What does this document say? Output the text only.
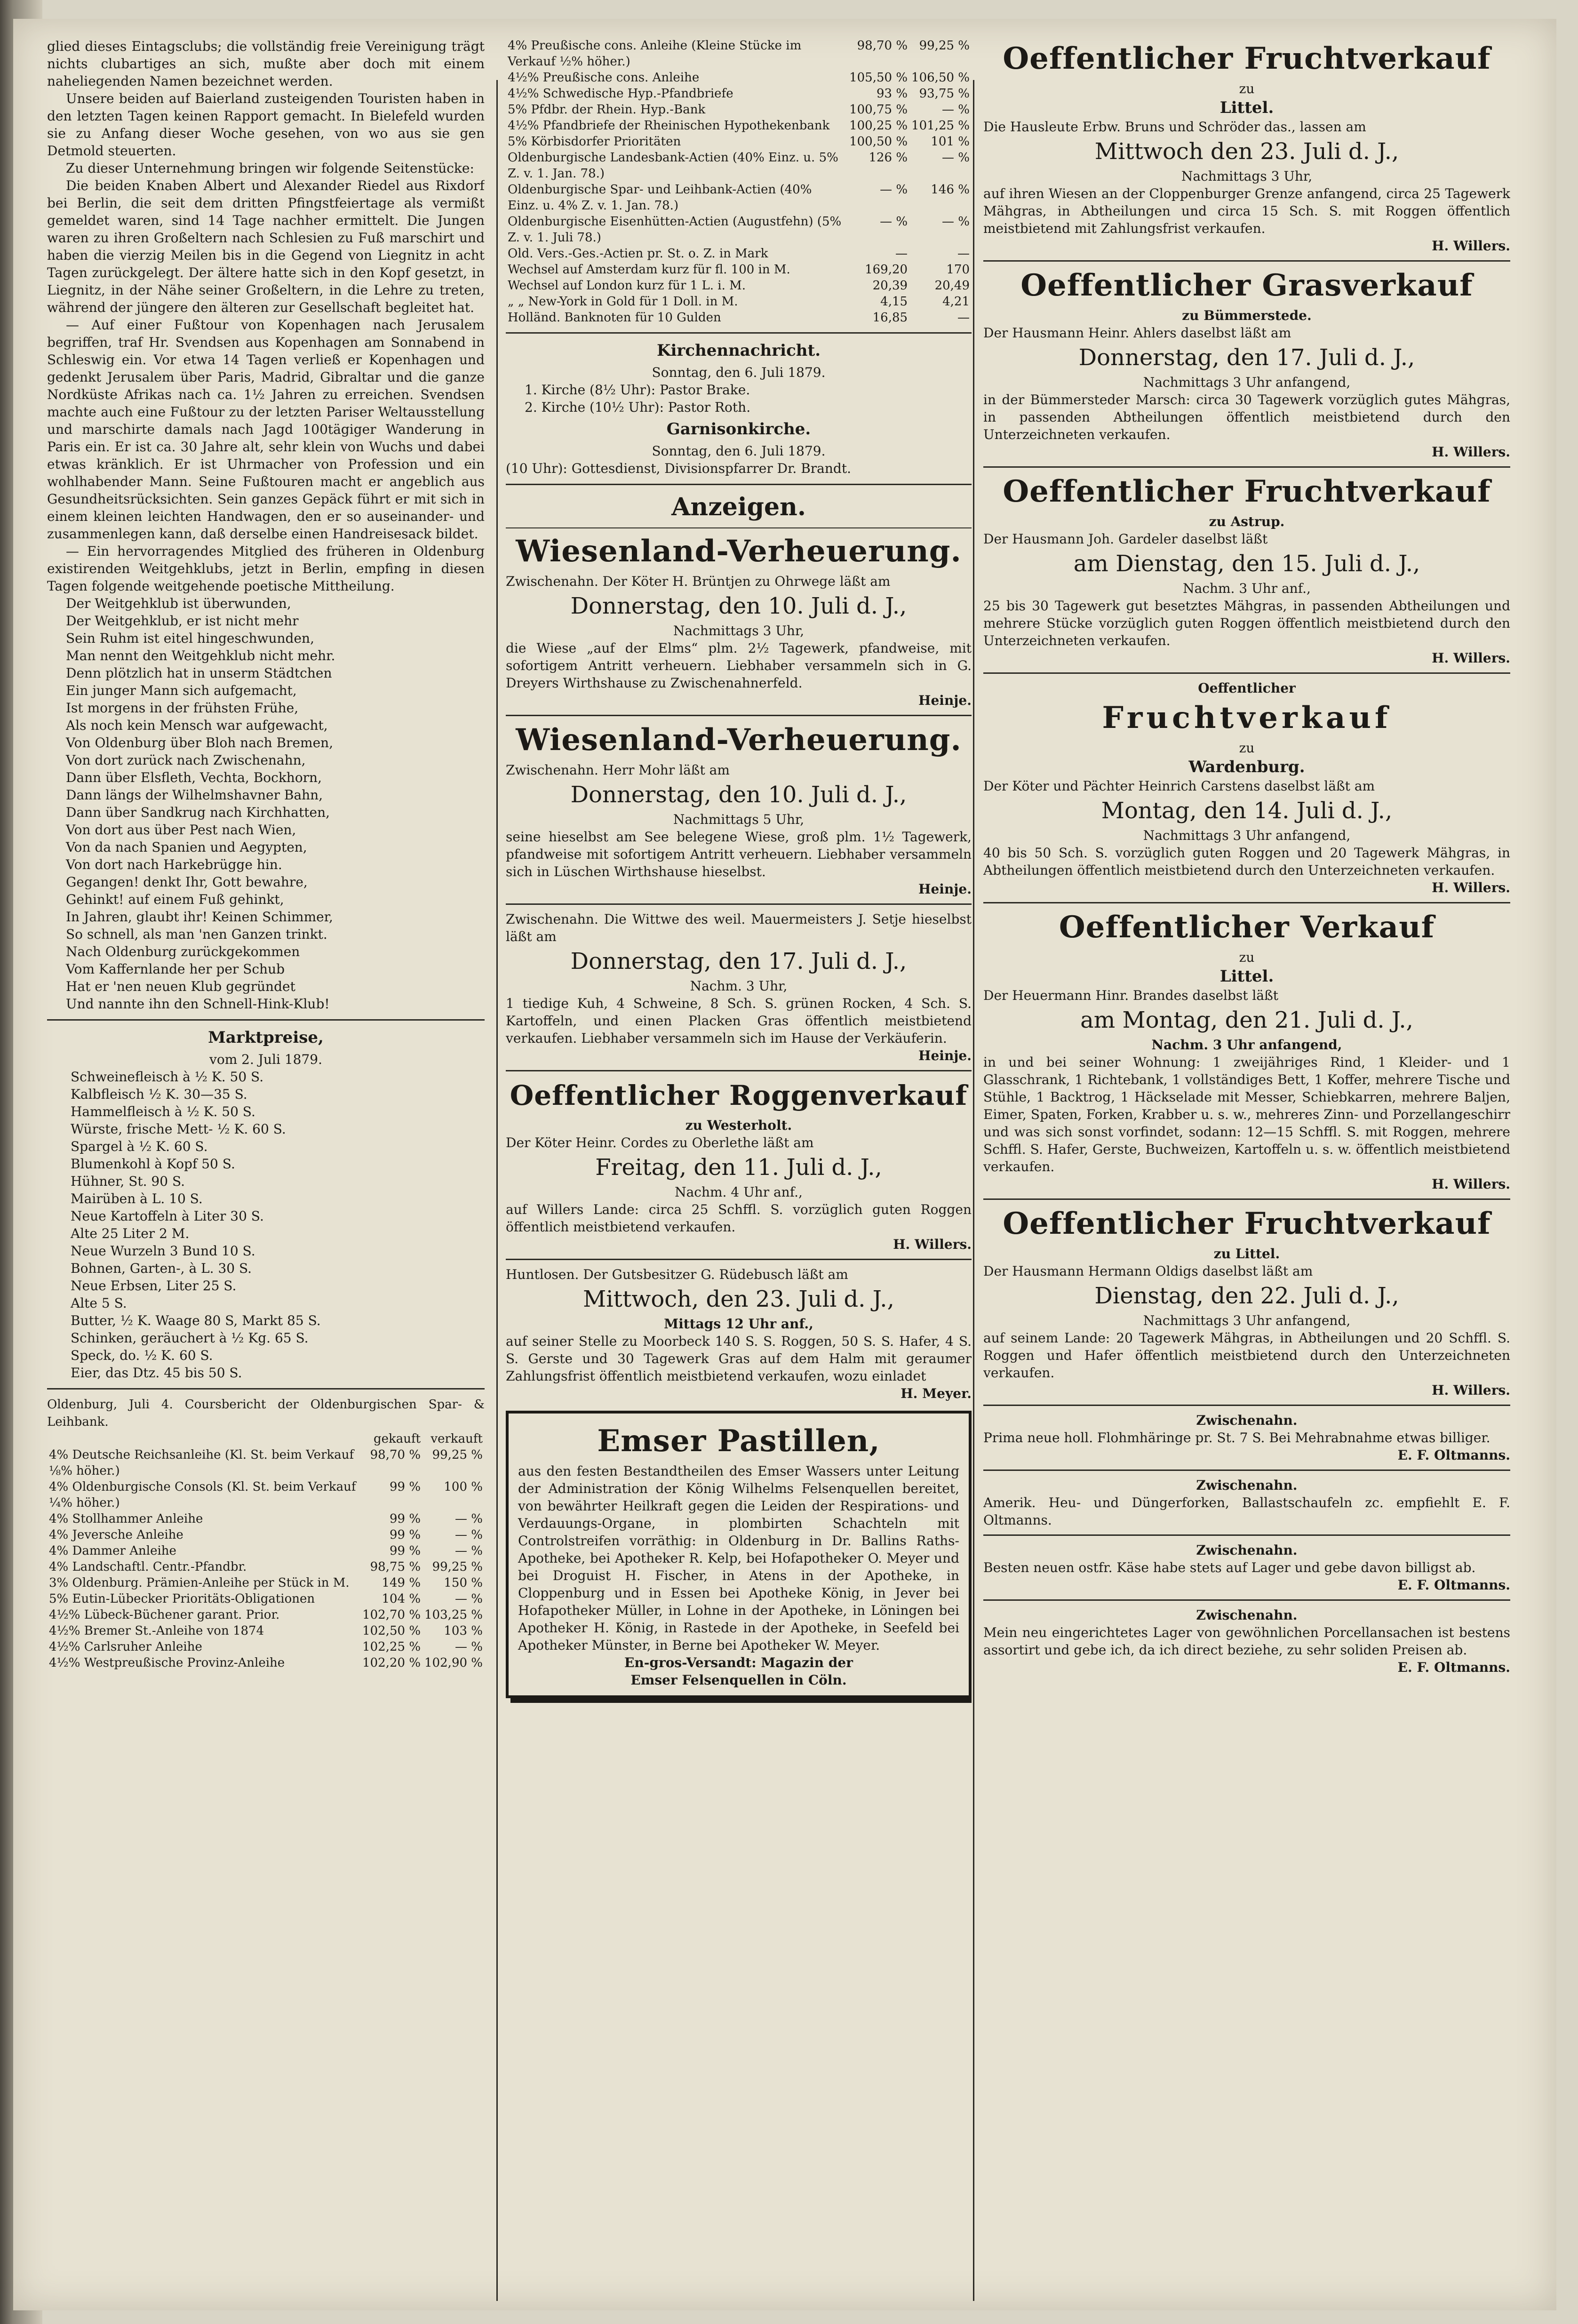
glied dieses Eintagsclubs; die vollständig freie Vereinigung trägt nichts clubartiges an sich, mußte aber doch mit einem naheliegenden Namen bezeichnet werden.

Unsere beiden auf Baierland zusteigenden Touristen haben in den letzten Tagen keinen Rapport gemacht. In Bielefeld wurden sie zu Anfang dieser Woche gesehen, von wo aus sie gen Detmold steuerten.

Zu dieser Unternehmung bringen wir folgende Seitenstücke:

Die beiden Knaben Albert und Alexander Riedel aus Rixdorf bei Berlin, die seit dem dritten Pfingstfeiertage als vermißt gemeldet waren, sind 14 Tage nachher ermittelt. Die Jungen waren zu ihren Großeltern nach Schlesien zu Fuß marschirt und haben die vierzig Meilen bis in die Gegend von Liegnitz in acht Tagen zurückgelegt. Der ältere hatte sich in den Kopf gesetzt, in Liegnitz, in der Nähe seiner Großeltern, in die Lehre zu treten, während der jüngere den älteren zur Gesellschaft begleitet hat.

— Auf einer Fußtour von Kopenhagen nach Jerusalem begriffen, traf Hr. Svendsen aus Kopenhagen am Sonnabend in Schleswig ein. Vor etwa 14 Tagen verließ er Kopenhagen und gedenkt Jerusalem über Paris, Madrid, Gibraltar und die ganze Nordküste Afrikas nach ca. 1½ Jahren zu erreichen. Svendsen machte auch eine Fußtour zu der letzten Pariser Weltausstellung und marschirte damals nach Jagd 100tägiger Wanderung in Paris ein. Er ist ca. 30 Jahre alt, sehr klein von Wuchs und dabei etwas kränklich. Er ist Uhrmacher von Profession und ein wohlhabender Mann. Seine Fußtouren macht er angeblich aus Gesundheitsrücksichten. Sein ganzes Gepäck führt er mit sich in einem kleinen leichten Handwagen, den er so auseinander- und zusammenlegen kann, daß derselbe einen Handreisesack bildet.

— Ein hervorragendes Mitglied des früheren in Oldenburg existirenden Weitgehklubs, jetzt in Berlin, empfing in diesen Tagen folgende weitgehende poetische Mittheilung.

Der Weitgehklub ist überwunden,
Der Weitgehklub, er ist nicht mehr
Sein Ruhm ist eitel hingeschwunden,
Man nennt den Weitgehklub nicht mehr.
Denn plötzlich hat in unserm Städtchen
Ein junger Mann sich aufgemacht,
Ist morgens in der frühsten Frühe,
Als noch kein Mensch war aufgewacht,
Von Oldenburg über Bloh nach Bremen,
Von dort zurück nach Zwischenahn,
Dann über Elsfleth, Vechta, Bockhorn,
Dann längs der Wilhelmshavner Bahn,
Dann über Sandkrug nach Kirchhatten,
Von dort aus über Pest nach Wien,
Von da nach Spanien und Aegypten,
Von dort nach Harkebrügge hin.
Gegangen! denkt Ihr, Gott bewahre,
Gehinkt! auf einem Fuß gehinkt,
In Jahren, glaubt ihr! Keinen Schimmer,
So schnell, als man 'nen Ganzen trinkt.
Nach Oldenburg zurückgekommen
Vom Kaffernlande her per Schub
Hat er 'nen neuen Klub gegründet
Und nannte ihn den Schnell-Hink-Klub!

Marktpreise,

vom 2. Juli 1879.

Schweinefleisch à ½ K. 50 S.
Kalbfleisch ½ K. 30—35 S.
Hammelfleisch à ½ K. 50 S.
Würste, frische Mett- ½ K. 60 S.
Spargel à ½ K. 60 S.
Blumenkohl à Kopf 50 S.
Hühner, St. 90 S.
Mairüben à L. 10 S.
Neue Kartoffeln à Liter 30 S.
Alte 25 Liter 2 M.
Neue Wurzeln 3 Bund 10 S.
Bohnen, Garten-, à L. 30 S.
Neue Erbsen, Liter 25 S.
Alte 5 S.
Butter, ½ K. Waage 80 S, Markt 85 S.
Schinken, geräuchert à ½ Kg. 65 S.
Speck, do. ½ K. 60 S.
Eier, das Dtz. 45 bis 50 S.

Oldenburg, Juli 4. Coursbericht der Oldenburgischen Spar- & Leihbank.

	gekauft	verkauft
4% Deutsche Reichsanleihe (Kl. St. beim Verkauf ⅛% höher.)	98,70 %	99,25 %
4% Oldenburgische Consols (Kl. St. beim Verkauf ¼% höher.)	99 %	100 %
4% Stollhammer Anleihe	99 %	— %
4% Jeversche Anleihe	99 %	— %
4% Dammer Anleihe	99 %	— %
4% Landschaftl. Centr.-Pfandbr.	98,75 %	99,25 %
3% Oldenburg. Prämien-Anleihe per Stück in M.	149 %	150 %
5% Eutin-Lübecker Prioritäts-Obligationen	104 %	— %
4½% Lübeck-Büchener garant. Prior.	102,70 %	103,25 %
4½% Bremer St.-Anleihe von 1874	102,50 %	103 %
4½% Carlsruher Anleihe	102,25 %	— %
4½% Westpreußische Provinz-Anleihe	102,20 %	102,90 %
4% Preußische cons. Anleihe (Kleine Stücke im Verkauf ½% höher.)	98,70 %	99,25 %
4½% Preußische cons. Anleihe	105,50 %	106,50 %
4½% Schwedische Hyp.-Pfandbriefe	93 %	93,75 %
5% Pfdbr. der Rhein. Hyp.-Bank	100,75 %	— %
4½% Pfandbriefe der Rheinischen Hypothekenbank	100,25 %	101,25 %
5% Körbisdorfer Prioritäten	100,50 %	101 %
Oldenburgische Landesbank-Actien (40% Einz. u. 5% Z. v. 1. Jan. 78.)	126 %	— %
Oldenburgische Spar- und Leihbank-Actien (40% Einz. u. 4% Z. v. 1. Jan. 78.)	— %	146 %
Oldenburgische Eisenhütten-Actien (Augustfehn) (5% Z. v. 1. Juli 78.)	— %	— %
Old. Vers.-Ges.-Actien pr. St. o. Z. in Mark	—	—
Wechsel auf Amsterdam kurz für fl. 100 in M.	169,20	170
Wechsel auf London kurz für 1 L. i. M.	20,39	20,49
„ „ New-York in Gold für 1 Doll. in M.	4,15	4,21
Holländ. Banknoten für 10 Gulden	16,85	—
Kirchennachricht.

Sonntag, den 6. Juli 1879.

1. Kirche (8½ Uhr): Pastor Brake.

2. Kirche (10½ Uhr): Pastor Roth.

Garnisonkirche.

Sonntag, den 6. Juli 1879.

(10 Uhr): Gottesdienst, Divisionspfarrer Dr. Brandt.

Anzeigen.
Wiesenland-Verheuerung.

Zwischenahn. Der Köter H. Brüntjen zu Ohrwege läßt am

Donnerstag, den 10. Juli d. J.,

Nachmittags 3 Uhr,

die Wiese „auf der Elms“ plm. 2½ Tagewerk, pfandweise, mit sofortigem Antritt verheuern. Liebhaber versammeln sich in G. Dreyers Wirthshause zu Zwischenahnerfeld.

Heinje.

Wiesenland-Verheuerung.

Zwischenahn. Herr Mohr läßt am

Donnerstag, den 10. Juli d. J.,

Nachmittags 5 Uhr,

seine hieselbst am See belegene Wiese, groß plm. 1½ Tagewerk, pfandweise mit sofortigem Antritt verheuern. Liebhaber versammeln sich in Lüschen Wirthshause hieselbst.

Heinje.

Zwischenahn. Die Wittwe des weil. Mauermeisters J. Setje hieselbst läßt am

Donnerstag, den 17. Juli d. J.,

Nachm. 3 Uhr,

1 tiedige Kuh, 4 Schweine, 8 Sch. S. grünen Rocken, 4 Sch. S. Kartoffeln, und einen Placken Gras öffentlich meistbietend verkaufen. Liebhaber versammeln sich im Hause der Verkäuferin.

Heinje.

Oeffentlicher Roggenverkauf

zu Westerholt.

Der Köter Heinr. Cordes zu Oberlethe läßt am

Freitag, den 11. Juli d. J.,

Nachm. 4 Uhr anf.,

auf Willers Lande: circa 25 Schffl. S. vorzüglich guten Roggen öffentlich meistbietend verkaufen.

H. Willers.

Huntlosen. Der Gutsbesitzer G. Rüdebusch läßt am

Mittwoch, den 23. Juli d. J.,

Mittags 12 Uhr anf.,

auf seiner Stelle zu Moorbeck 140 S. S. Roggen, 50 S. S. Hafer, 4 S. S. Gerste und 30 Tagewerk Gras auf dem Halm mit geraumer Zahlungsfrist öffentlich meistbietend verkaufen, wozu einladet

H. Meyer.

Emser Pastillen,

aus den festen Bestandtheilen des Emser Wassers unter Leitung der Administration der König Wilhelms Felsenquellen bereitet, von bewährter Heilkraft gegen die Leiden der Respirations- und Verdauungs-Organe, in plombirten Schachteln mit Controlstreifen vorräthig: in Oldenburg in Dr. Ballins Raths-Apotheke, bei Apotheker R. Kelp, bei Hofapotheker O. Meyer und bei Droguist H. Fischer, in Atens in der Apotheke, in Cloppenburg und in Essen bei Apotheke König, in Jever bei Hofapotheker Müller, in Lohne in der Apotheke, in Löningen bei Apotheker H. König, in Rastede in der Apotheke, in Seefeld bei Apotheker Münster, in Berne bei Apotheker W. Meyer.

En-gros-Versandt: Magazin der

Emser Felsenquellen in Cöln.

Oeffentlicher Fruchtverkauf

zu

Littel.

Die Hausleute Erbw. Bruns und Schröder das., lassen am

Mittwoch den 23. Juli d. J.,

Nachmittags 3 Uhr,

auf ihren Wiesen an der Cloppenburger Grenze anfangend, circa 25 Tagewerk Mähgras, in Abtheilungen und circa 15 Sch. S. mit Roggen öffentlich meistbietend mit Zahlungsfrist verkaufen.

H. Willers.

Oeffentlicher Grasverkauf

zu Bümmerstede.

Der Hausmann Heinr. Ahlers daselbst läßt am

Donnerstag, den 17. Juli d. J.,

Nachmittags 3 Uhr anfangend,

in der Bümmersteder Marsch: circa 30 Tagewerk vorzüglich gutes Mähgras, in passenden Abtheilungen öffentlich meistbietend durch den Unterzeichneten verkaufen.

H. Willers.

Oeffentlicher Fruchtverkauf

zu Astrup.

Der Hausmann Joh. Gardeler daselbst läßt

am Dienstag, den 15. Juli d. J.,

Nachm. 3 Uhr anf.,

25 bis 30 Tagewerk gut besetztes Mähgras, in passenden Abtheilungen und mehrere Stücke vorzüglich guten Roggen öffentlich meistbietend durch den Unterzeichneten verkaufen.

H. Willers.

Oeffentlicher

Fruchtverkauf

zu

Wardenburg.

Der Köter und Pächter Heinrich Carstens daselbst läßt am

Montag, den 14. Juli d. J.,

Nachmittags 3 Uhr anfangend,

40 bis 50 Sch. S. vorzüglich guten Roggen und 20 Tagewerk Mähgras, in Abtheilungen öffentlich meistbietend durch den Unterzeichneten verkaufen.

H. Willers.

Oeffentlicher Verkauf

zu

Littel.

Der Heuermann Hinr. Brandes daselbst läßt

am Montag, den 21. Juli d. J.,

Nachm. 3 Uhr anfangend,

in und bei seiner Wohnung: 1 zweijähriges Rind, 1 Kleider- und 1 Glasschrank, 1 Richtebank, 1 vollständiges Bett, 1 Koffer, mehrere Tische und Stühle, 1 Backtrog, 1 Häckselade mit Messer, Schiebkarren, mehrere Baljen, Eimer, Spaten, Forken, Krabber u. s. w., mehreres Zinn- und Porzellangeschirr und was sich sonst vorfindet, sodann: 12—15 Schffl. S. mit Roggen, mehrere Schffl. S. Hafer, Gerste, Buchweizen, Kartoffeln u. s. w. öffentlich meistbietend verkaufen.

H. Willers.

Oeffentlicher Fruchtverkauf

zu Littel.

Der Hausmann Hermann Oldigs daselbst läßt am

Dienstag, den 22. Juli d. J.,

Nachmittags 3 Uhr anfangend,

auf seinem Lande: 20 Tagewerk Mähgras, in Abtheilungen und 20 Schffl. S. Roggen und Hafer öffentlich meistbietend durch den Unterzeichneten verkaufen.

H. Willers.

Zwischenahn.

Prima neue holl. Flohmhäringe pr. St. 7 S. Bei Mehrabnahme etwas billiger.

E. F. Oltmanns.

Zwischenahn.

Amerik. Heu- und Düngerforken, Ballastschaufeln zc. empfiehlt E. F. Oltmanns.

Zwischenahn.

Besten neuen ostfr. Käse habe stets auf Lager und gebe davon billigst ab.

E. F. Oltmanns.

Zwischenahn.

Mein neu eingerichtetes Lager von gewöhnlichen Porcellansachen ist bestens assortirt und gebe ich, da ich direct beziehe, zu sehr soliden Preisen ab.

E. F. Oltmanns.
